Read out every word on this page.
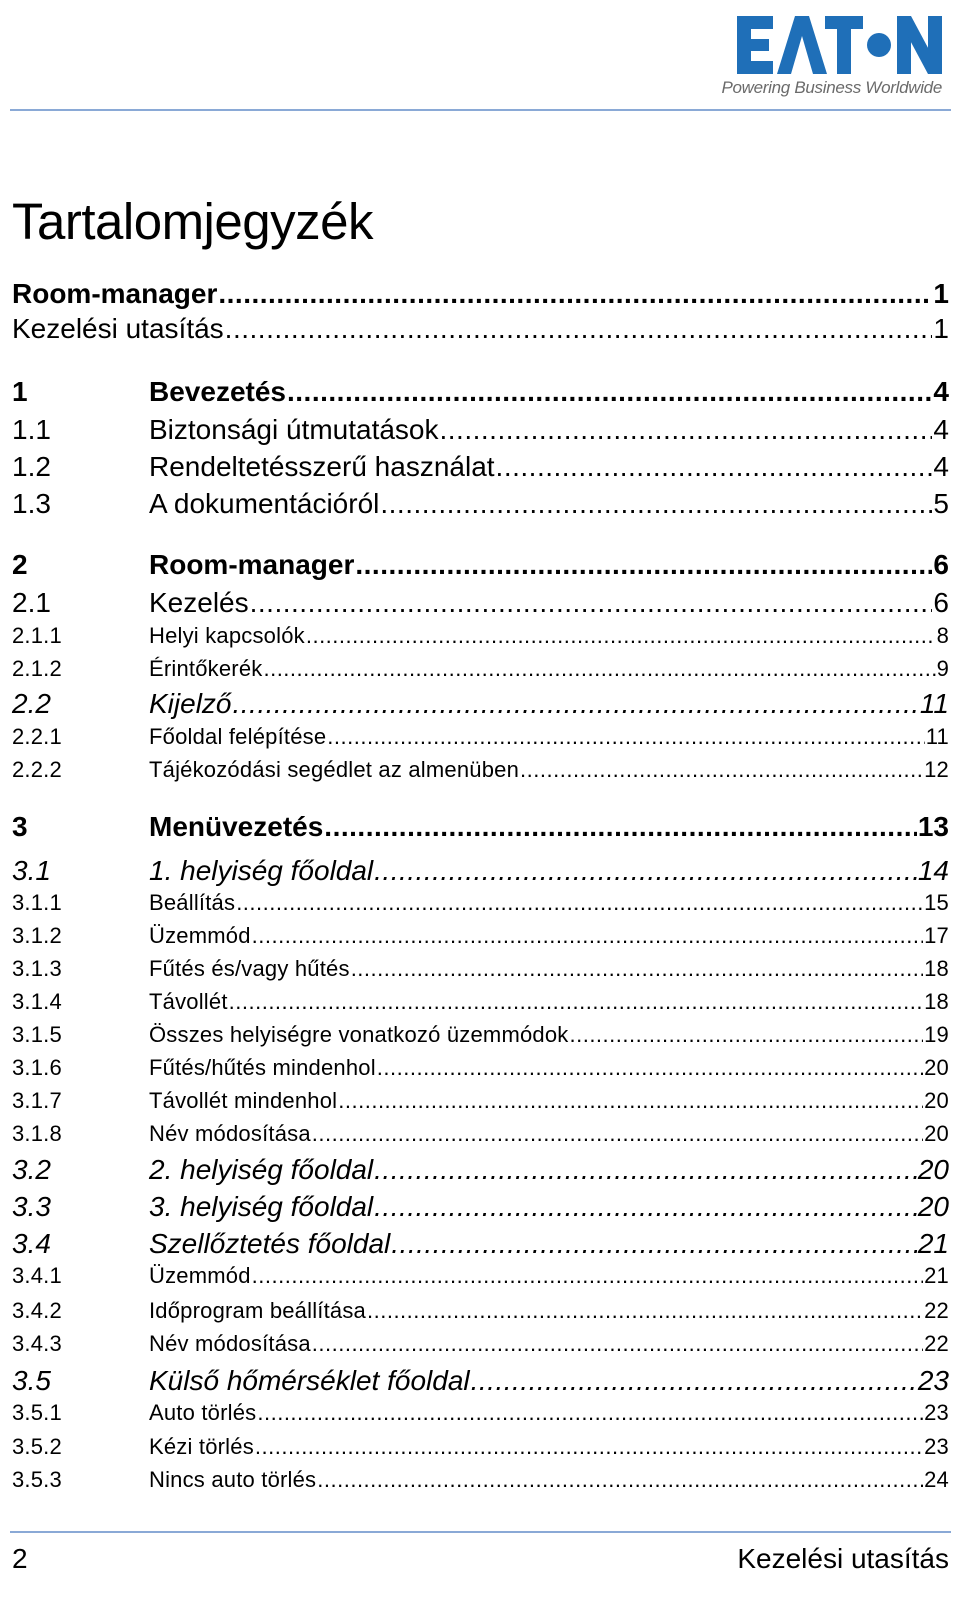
Powering Business Worldwide
Tartalomjegyzék
Room-manager .....	1
Kezelési utasítás .....	1
1	Bevezetés .....	4
1.1	Biztonsági útmutatások .....	4
1.2	Rendeltetésszerű használat .....	4
1.3	A dokumentációról .....	5
2	Room-manager .....	6
2.1	Kezelés .....	6
2.1.1	Helyi kapcsolók .....	8
2.1.2	Érintőkerék .....	9
2.2	Kijelző .....	11
2.2.1	Főoldal felépítése .....	11
2.2.2	Tájékozódási segédlet az almenüben .....	12
3	Menüvezetés .....	13
3.1	1. helyiség főoldal .....	14
3.1.1	Beállítás .....	15
3.1.2	Üzemmód .....	17
3.1.3	Fűtés és/vagy hűtés .....	18
3.1.4	Távollét .....	18
3.1.5	Összes helyiségre vonatkozó üzemmódok .....	19
3.1.6	Fűtés/hűtés mindenhol .....	20
3.1.7	Távollét mindenhol .....	20
3.1.8	Név módosítása .....	20
3.2	2. helyiség főoldal .....	20
3.3	3. helyiség főoldal .....	20
3.4	Szellőztetés főoldal .....	21
3.4.1	Üzemmód .....	21
3.4.2	Időprogram beállítása .....	22
3.4.3	Név módosítása .....	22
3.5	Külső hőmérséklet főoldal .....	23
3.5.1	Auto törlés .....	23
3.5.2	Kézi törlés .....	23
3.5.3	Nincs auto törlés .....	24
2	Kezelési utasítás
